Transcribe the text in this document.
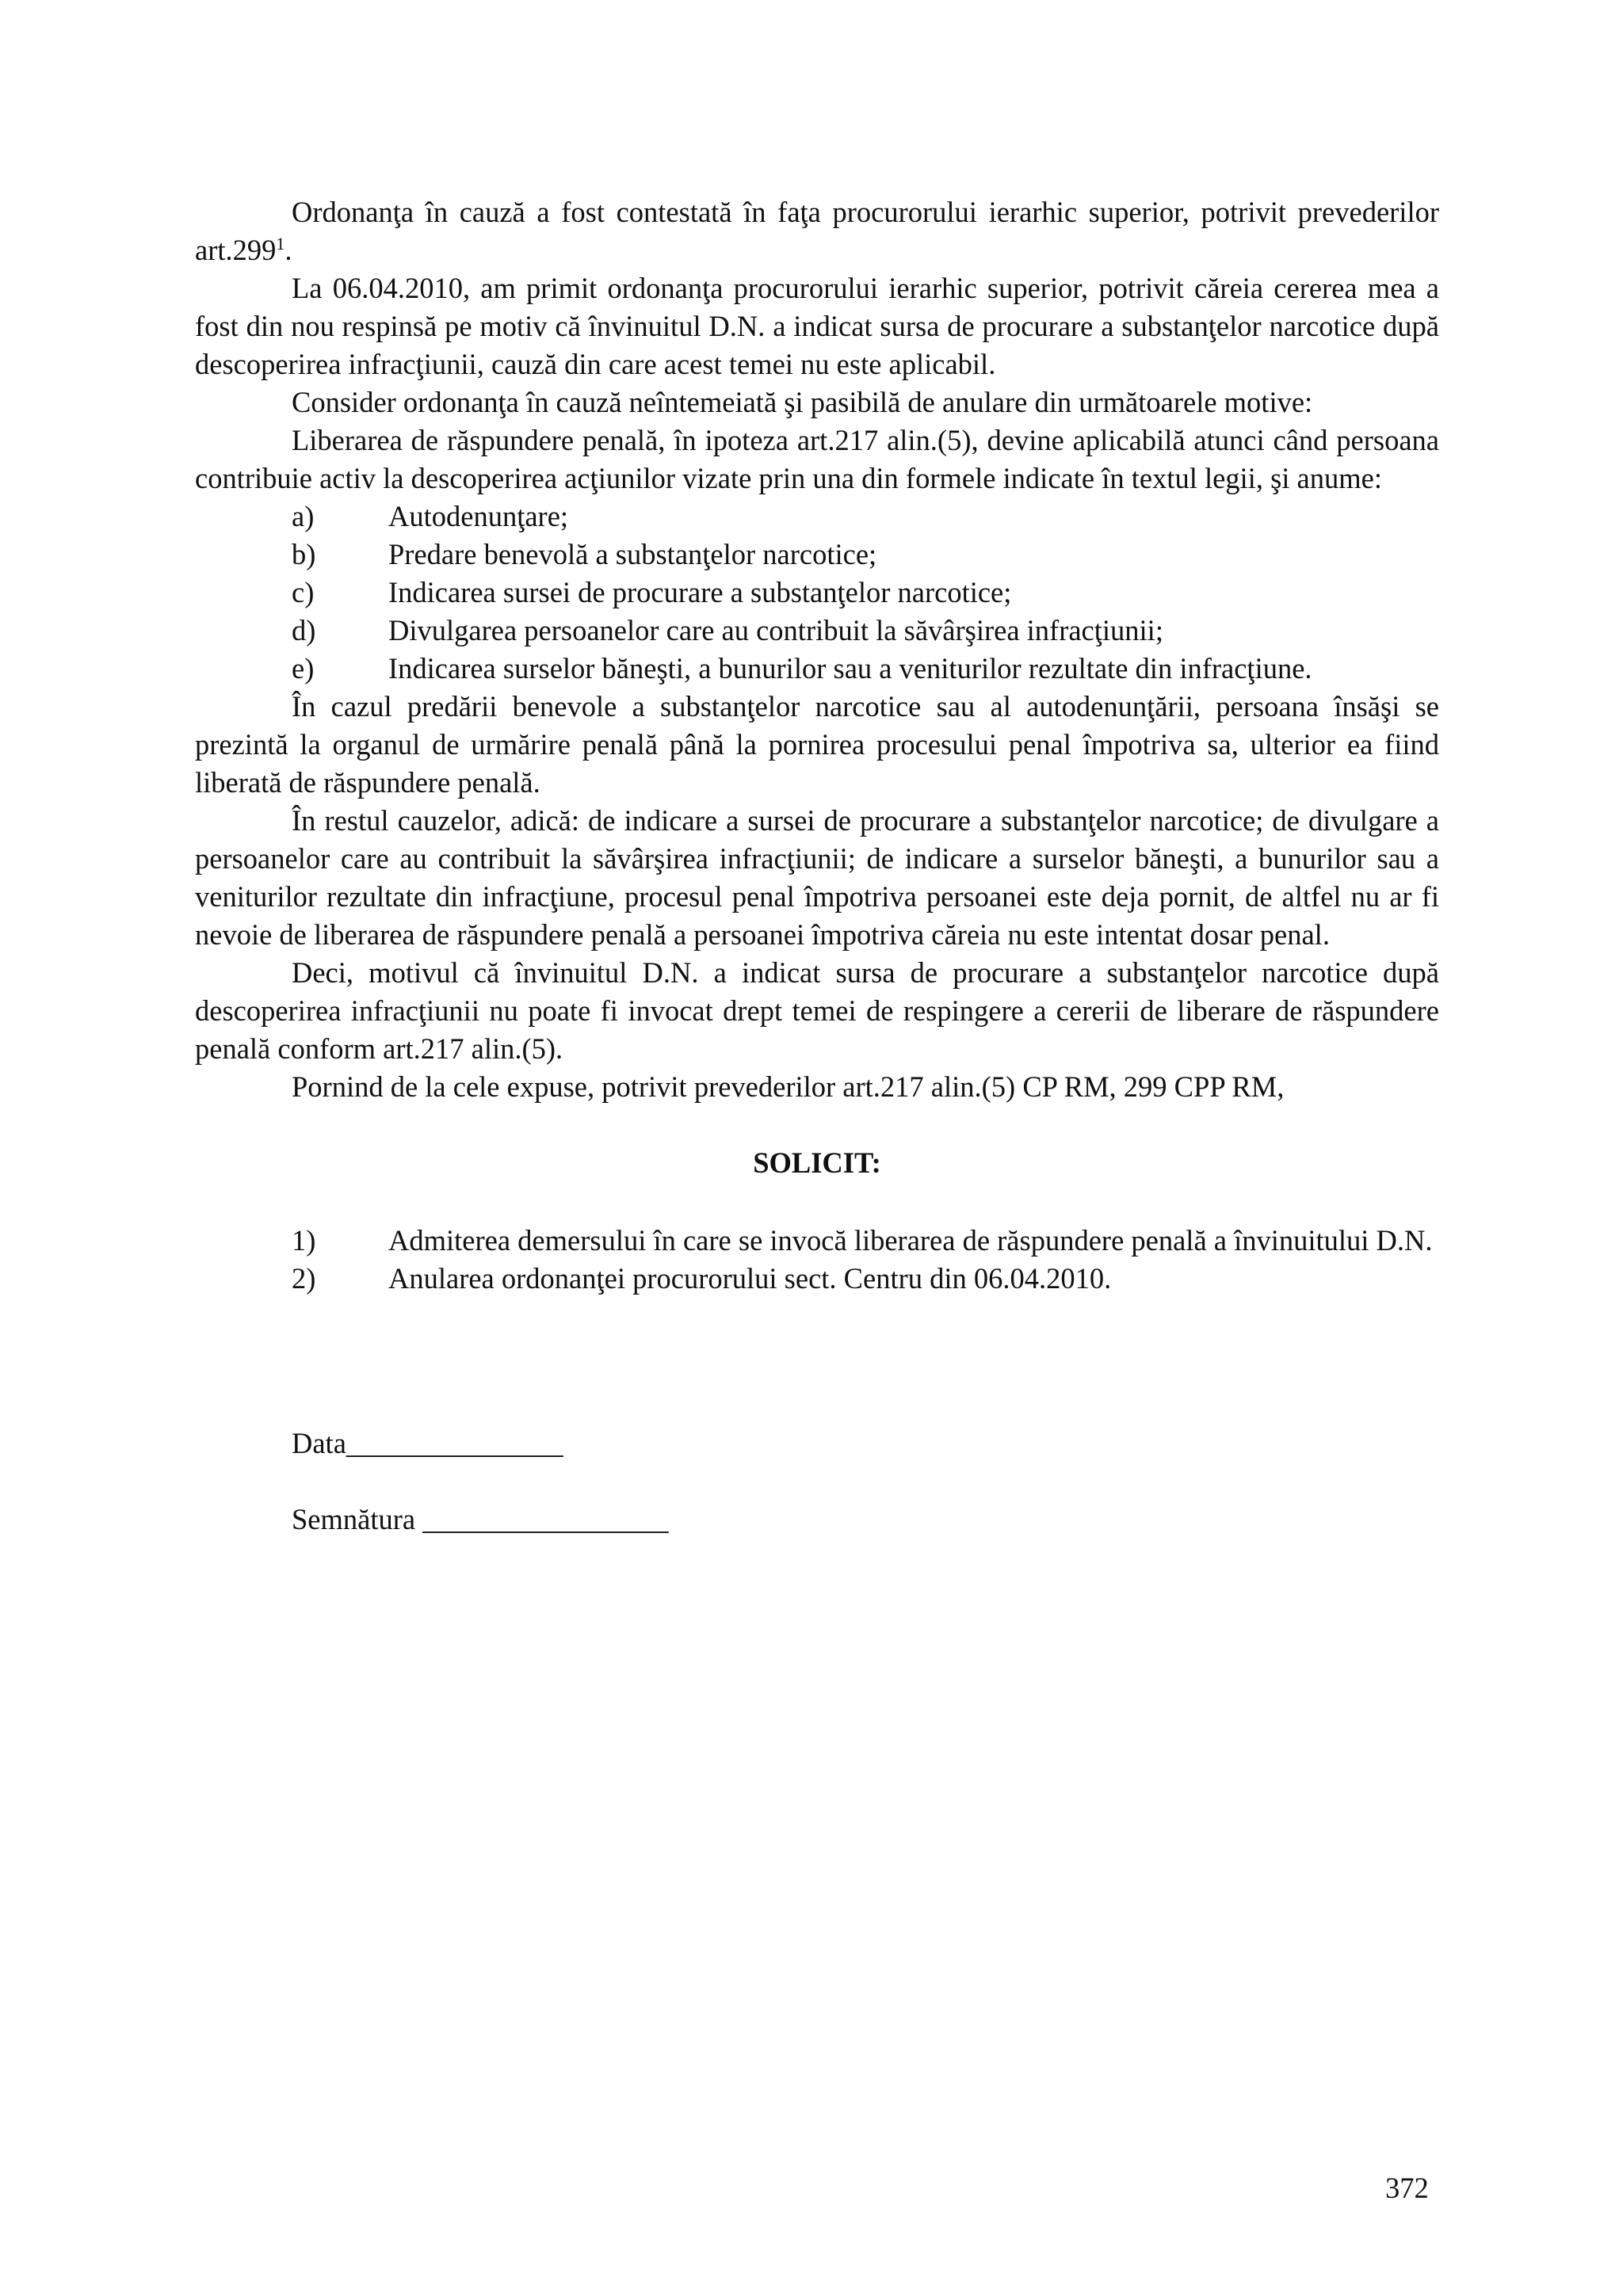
Ordonanţa în cauză a fost contestată în faţa procurorului ierarhic superior, potrivit prevederilor art.299$^1$.

La 06.04.2010, am primit ordonanţa procurorului ierarhic superior, potrivit căreia cererea mea a fost din nou respinsă pe motiv că învinuitul D.N. a indicat sursa de procurare a substanţelor narcotice după descoperirea infracţiunii, cauză din care acest temei nu este aplicabil.

Consider ordonanţa în cauză neîntemeiată şi pasibilă de anulare din următoarele motive:

Liberarea de răspundere penală, în ipoteza art.217 alin.(5), devine aplicabilă atunci când persoana contribuie activ la descoperirea acţiunilor vizate prin una din formele indicate în textul legii, şi anume:

a)	Autodenunţare;
b)	Predare benevolă a substanţelor narcotice;
c)	Indicarea sursei de procurare a substanţelor narcotice;
d)	Divulgarea persoanelor care au contribuit la săvârşirea infracţiunii;
e)	Indicarea surselor băneşti, a bunurilor sau a veniturilor rezultate din infracţiune.

În cazul predării benevole a substanţelor narcotice sau al autodenunţării, persoana însăşi se prezintă la organul de urmărire penală până la pornirea procesului penal împotriva sa, ulterior ea fiind liberată de răspundere penală.

În restul cauzelor, adică: de indicare a sursei de procurare a substanţelor narcotice; de divulgare a persoanelor care au contribuit la săvârşirea infracţiunii; de indicare a surselor băneşti, a bunurilor sau a veniturilor rezultate din infracţiune, procesul penal împotriva persoanei este deja pornit, de altfel nu ar fi nevoie de liberarea de răspundere penală a persoanei împotriva căreia nu este intentat dosar penal.

Deci, motivul că învinuitul D.N. a indicat sursa de procurare a substanţelor narcotice după descoperirea infracţiunii nu poate fi invocat drept temei de respingere a cererii de liberare de răspundere penală conform art.217 alin.(5).

Pornind de la cele expuse, potrivit prevederilor art.217 alin.(5) CP RM, 299 CPP RM,

SOLICIT:
1)	Admiterea demersului în care se invocă liberarea de răspundere penală a învinuitului D.N.
2)	Anularea ordonanţei procurorului sect. Centru din 06.04.2010.

Data_______________

Semnătura _________________

372
